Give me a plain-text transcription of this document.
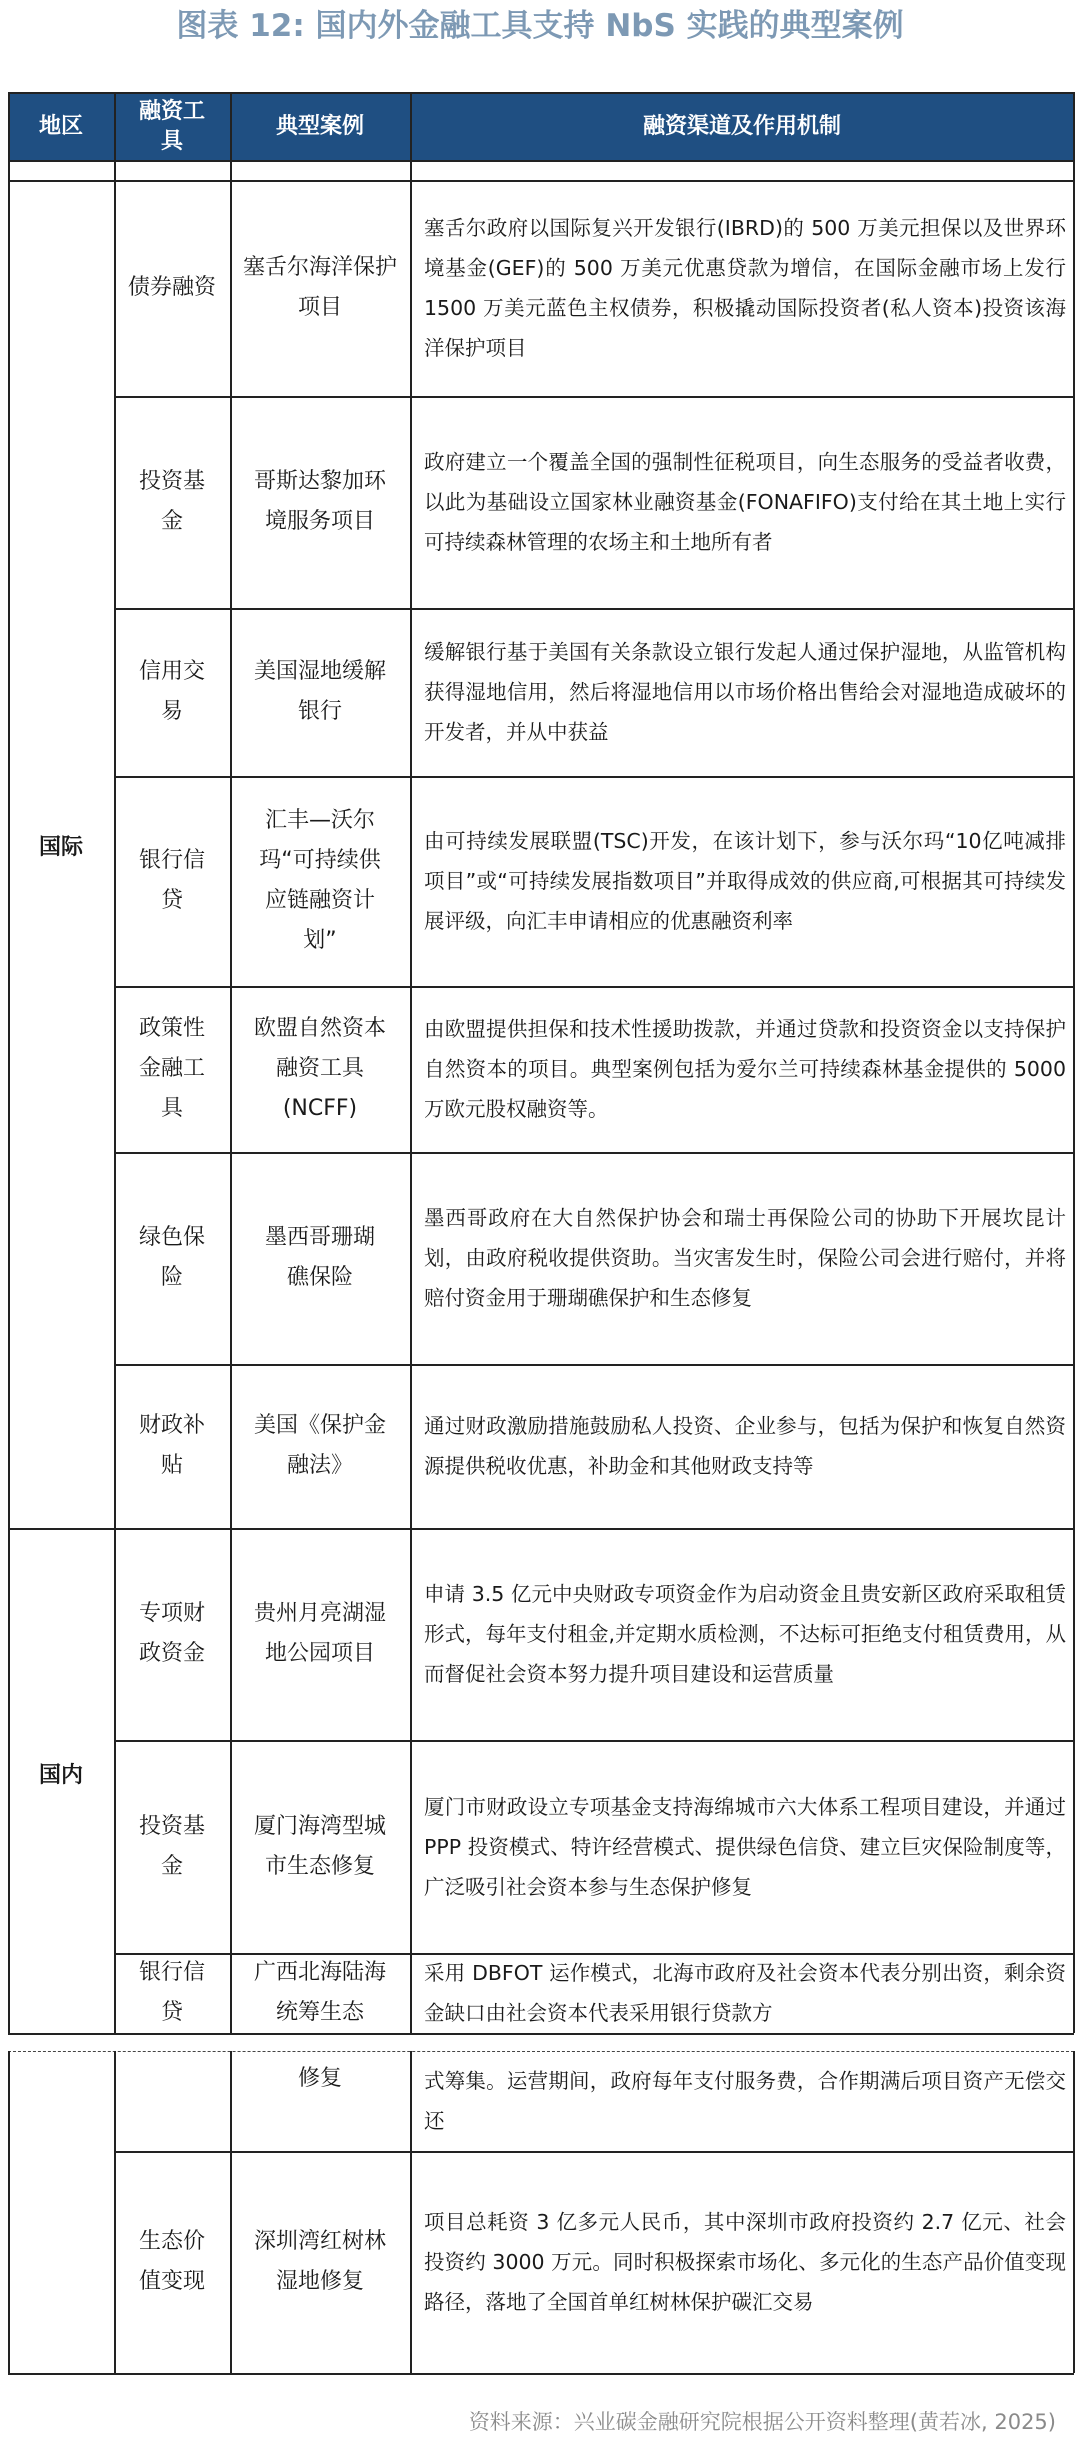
图表 12: 国内外金融工具支持 NbS 实践的典型案例
地区
融资工具
典型案例	融资渠道及作用机制
国际
国内
债券融资
塞舌尔海洋保护项目
塞舌尔政府以国际复兴开发银行(IBRD)的 500 万美元担保以及世界环境基金(GEF)的 500 万美元优惠贷款为增信，在国际金融市场上发行 1500 万美元蓝色主权债券，积极撬动国际投资者(私人资本)投资该海洋保护项目
投资基金
哥斯达黎加环境服务项目
政府建立一个覆盖全国的强制性征税项目，向生态服务的受益者收费，以此为基础设立国家林业融资基金(FONAFIFO)支付给在其土地上实行可持续森林管理的农场主和土地所有者
信用交易
美国湿地缓解银行
缓解银行基于美国有关条款设立银行发起人通过保护湿地，从监管机构获得湿地信用，然后将湿地信用以市场价格出售给会对湿地造成破坏的开发者，并从中获益
银行信贷
汇丰—沃尔玛“可持续供应链融资计划”
由可持续发展联盟(TSC)开发，在该计划下，参与沃尔玛“10亿吨减排项目”或“可持续发展指数项目”并取得成效的供应商,可根据其可持续发展评级，向汇丰申请相应的优惠融资利率
政策性金融工具
欧盟自然资本融资工具(NCFF)
由欧盟提供担保和技术性援助拨款，并通过贷款和投资资金以支持保护自然资本的项目。典型案例包括为爱尔兰可持续森林基金提供的 5000 万欧元股权融资等。
绿色保险
墨西哥珊瑚礁保险
墨西哥政府在大自然保护协会和瑞士再保险公司的协助下开展坎昆计划，由政府税收提供资助。当灾害发生时，保险公司会进行赔付，并将赔付资金用于珊瑚礁保护和生态修复
财政补贴
美国《保护金融法》
通过财政激励措施鼓励私人投资、企业参与，包括为保护和恢复自然资源提供税收优惠，补助金和其他财政支持等
专项财政资金
贵州月亮湖湿地公园项目
申请 3.5 亿元中央财政专项资金作为启动资金且贵安新区政府采取租赁形式，每年支付租金,并定期水质检测，不达标可拒绝支付租赁费用，从而督促社会资本努力提升项目建设和运营质量
投资基金
厦门海湾型城市生态修复
厦门市财政设立专项基金支持海绵城市六大体系工程项目建设，并通过 PPP 投资模式、特许经营模式、提供绿色信贷、建立巨灾保险制度等，广泛吸引社会资本参与生态保护修复
银行信贷
广西北海陆海统筹生态
采用 DBFOT 运作模式，北海市政府及社会资本代表分别出资，剩余资金缺口由社会资本代表采用银行贷款方
修复	式筹集。运营期间，政府每年支付服务费，合作期满后项目资产无偿交还
生态价值变现
深圳湾红树林湿地修复
项目总耗资 3 亿多元人民币，其中深圳市政府投资约 2.7 亿元、社会投资约 3000 万元。同时积极探索市场化、多元化的生态产品价值变现路径，落地了全国首单红树林保护碳汇交易
资料来源：兴业碳金融研究院根据公开资料整理(黄若冰, 2025)
